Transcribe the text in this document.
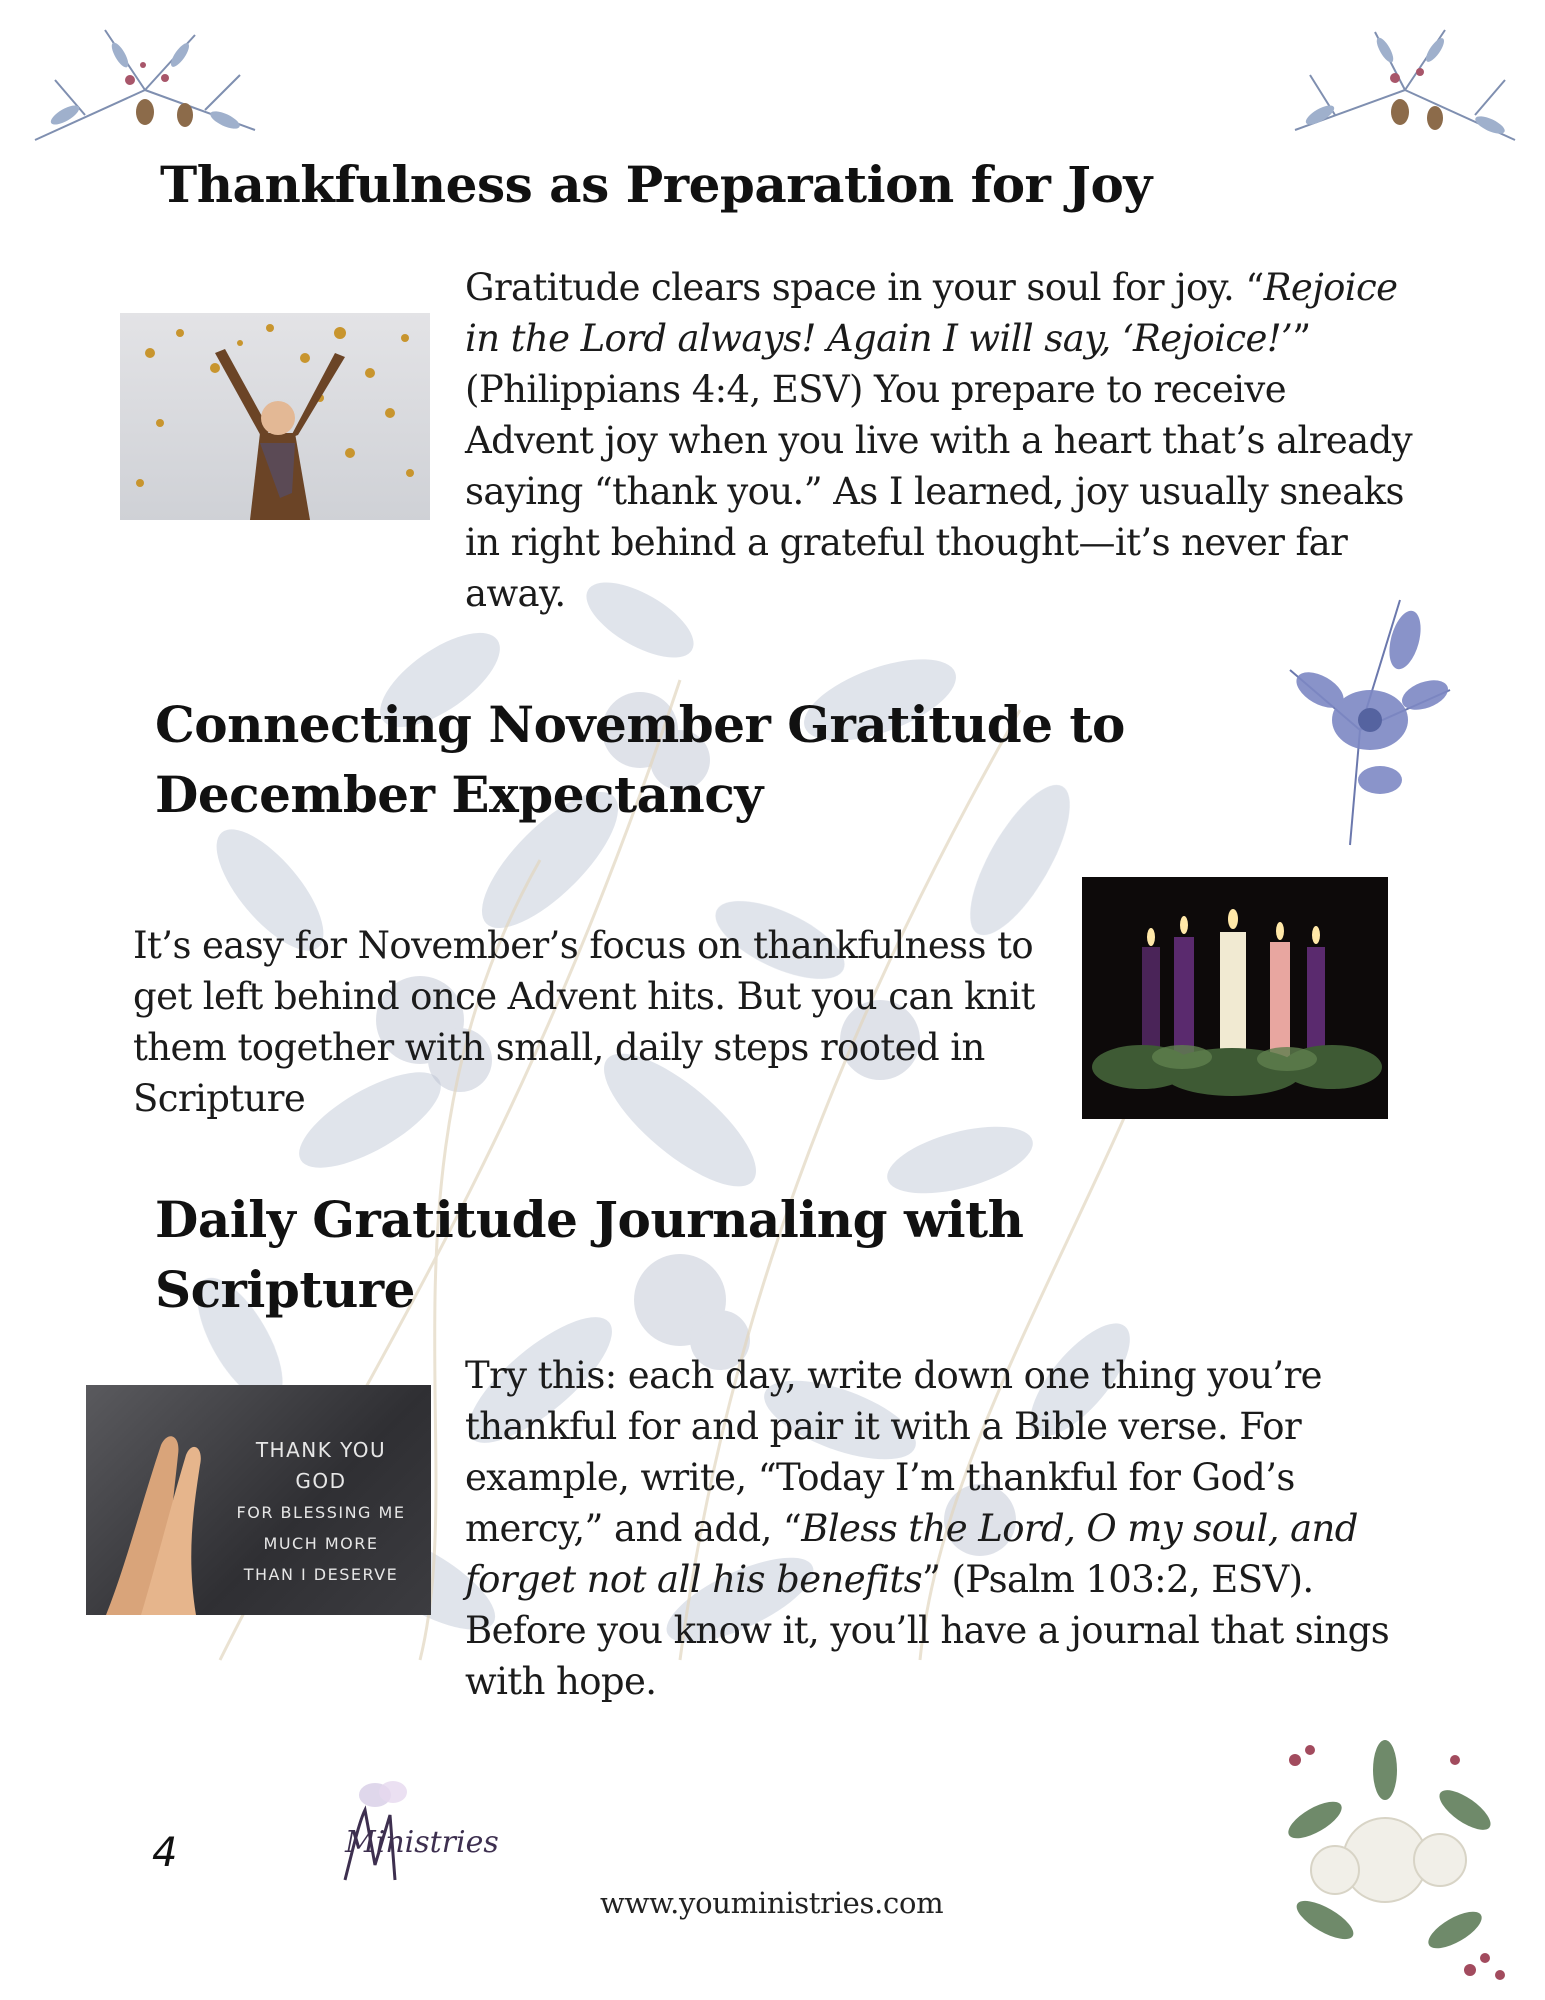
Thankfulness as Preparation for Joy

Gratitude clears space in your soul for joy. “Rejoice in the Lord always! Again I will say, ‘Rejoice!’” (Philippians 4:4, ESV) You prepare to receive Advent joy when you live with a heart that’s already saying “thank you.” As I learned, joy usually sneaks in right behind a grateful thought—it’s never far away.

Connecting November Gratitude to December Expectancy

It’s easy for November’s focus on thankfulness to get left behind once Advent hits. But you can knit them together with small, daily steps rooted in Scripture

Daily Gratitude Journaling with Scripture
THANK YOU
GOD
FOR BLESSING ME
MUCH MORE
THAN I DESERVE

Try this: each day, write down one thing you’re thankful for and pair it with a Bible verse. For example, write, “Today I’m thankful for God’s mercy,” and add, “Bless the Lord, O my soul, and forget not all his benefits” (Psalm 103:2, ESV). Before you know it, you’ll have a journal that sings with hope.

4	Ministries
www.youministries.com
